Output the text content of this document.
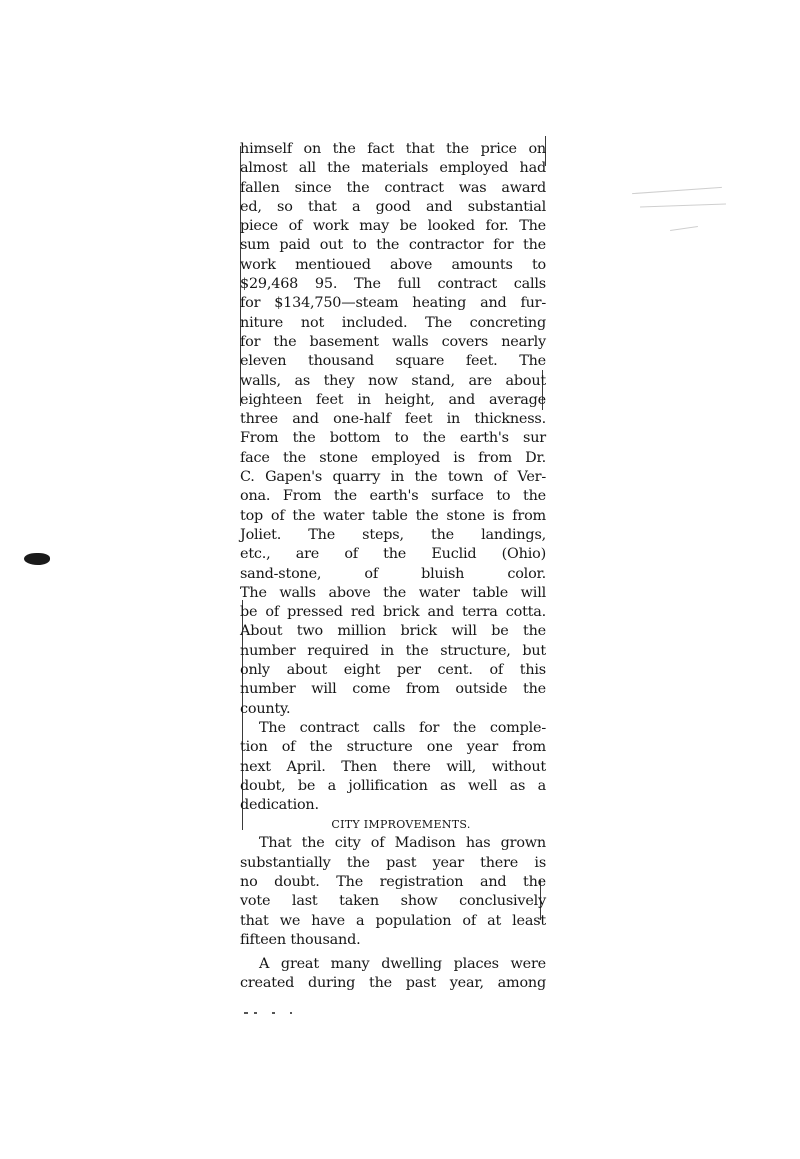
himself on the fact that the price on
almost all the materials employed had
fallen since the contract was award
ed, so that a good and substantial
piece of work may be looked for. The
sum paid out to the contractor for the
work mentioued above amounts to
$29,468 95. The full contract calls
for $134,750—steam heating and fur-
niture not included. The concreting
for the basement walls covers nearly
eleven thousand square feet. The
walls, as they now stand, are about
eighteen feet in height, and average
three and one-half feet in thickness.
From the bottom to the earth's sur
face the stone employed is from Dr.
C. Gapen's quarry in the town of Ver-
ona. From the earth's surface to the
top of the water table the stone is from
Joliet. The steps, the landings,
etc., are of the Euclid (Ohio)
sand-stone, of bluish color.
The walls above the water table will
be of pressed red brick and terra cotta.
About two million brick will be the
number required in the structure, but
only about eight per cent. of this
number will come from outside the
county.
The contract calls for the comple-
tion of the structure one year from
next April. Then there will, without
doubt, be a jollification as well as a
dedication.
CITY IMPROVEMENTS.
That the city of Madison has grown
substantially the past year there is
no doubt. The registration and the
vote last taken show conclusively
that we have a population of at least
fifteen thousand.
A great many dwelling places were
created during the past year, among
